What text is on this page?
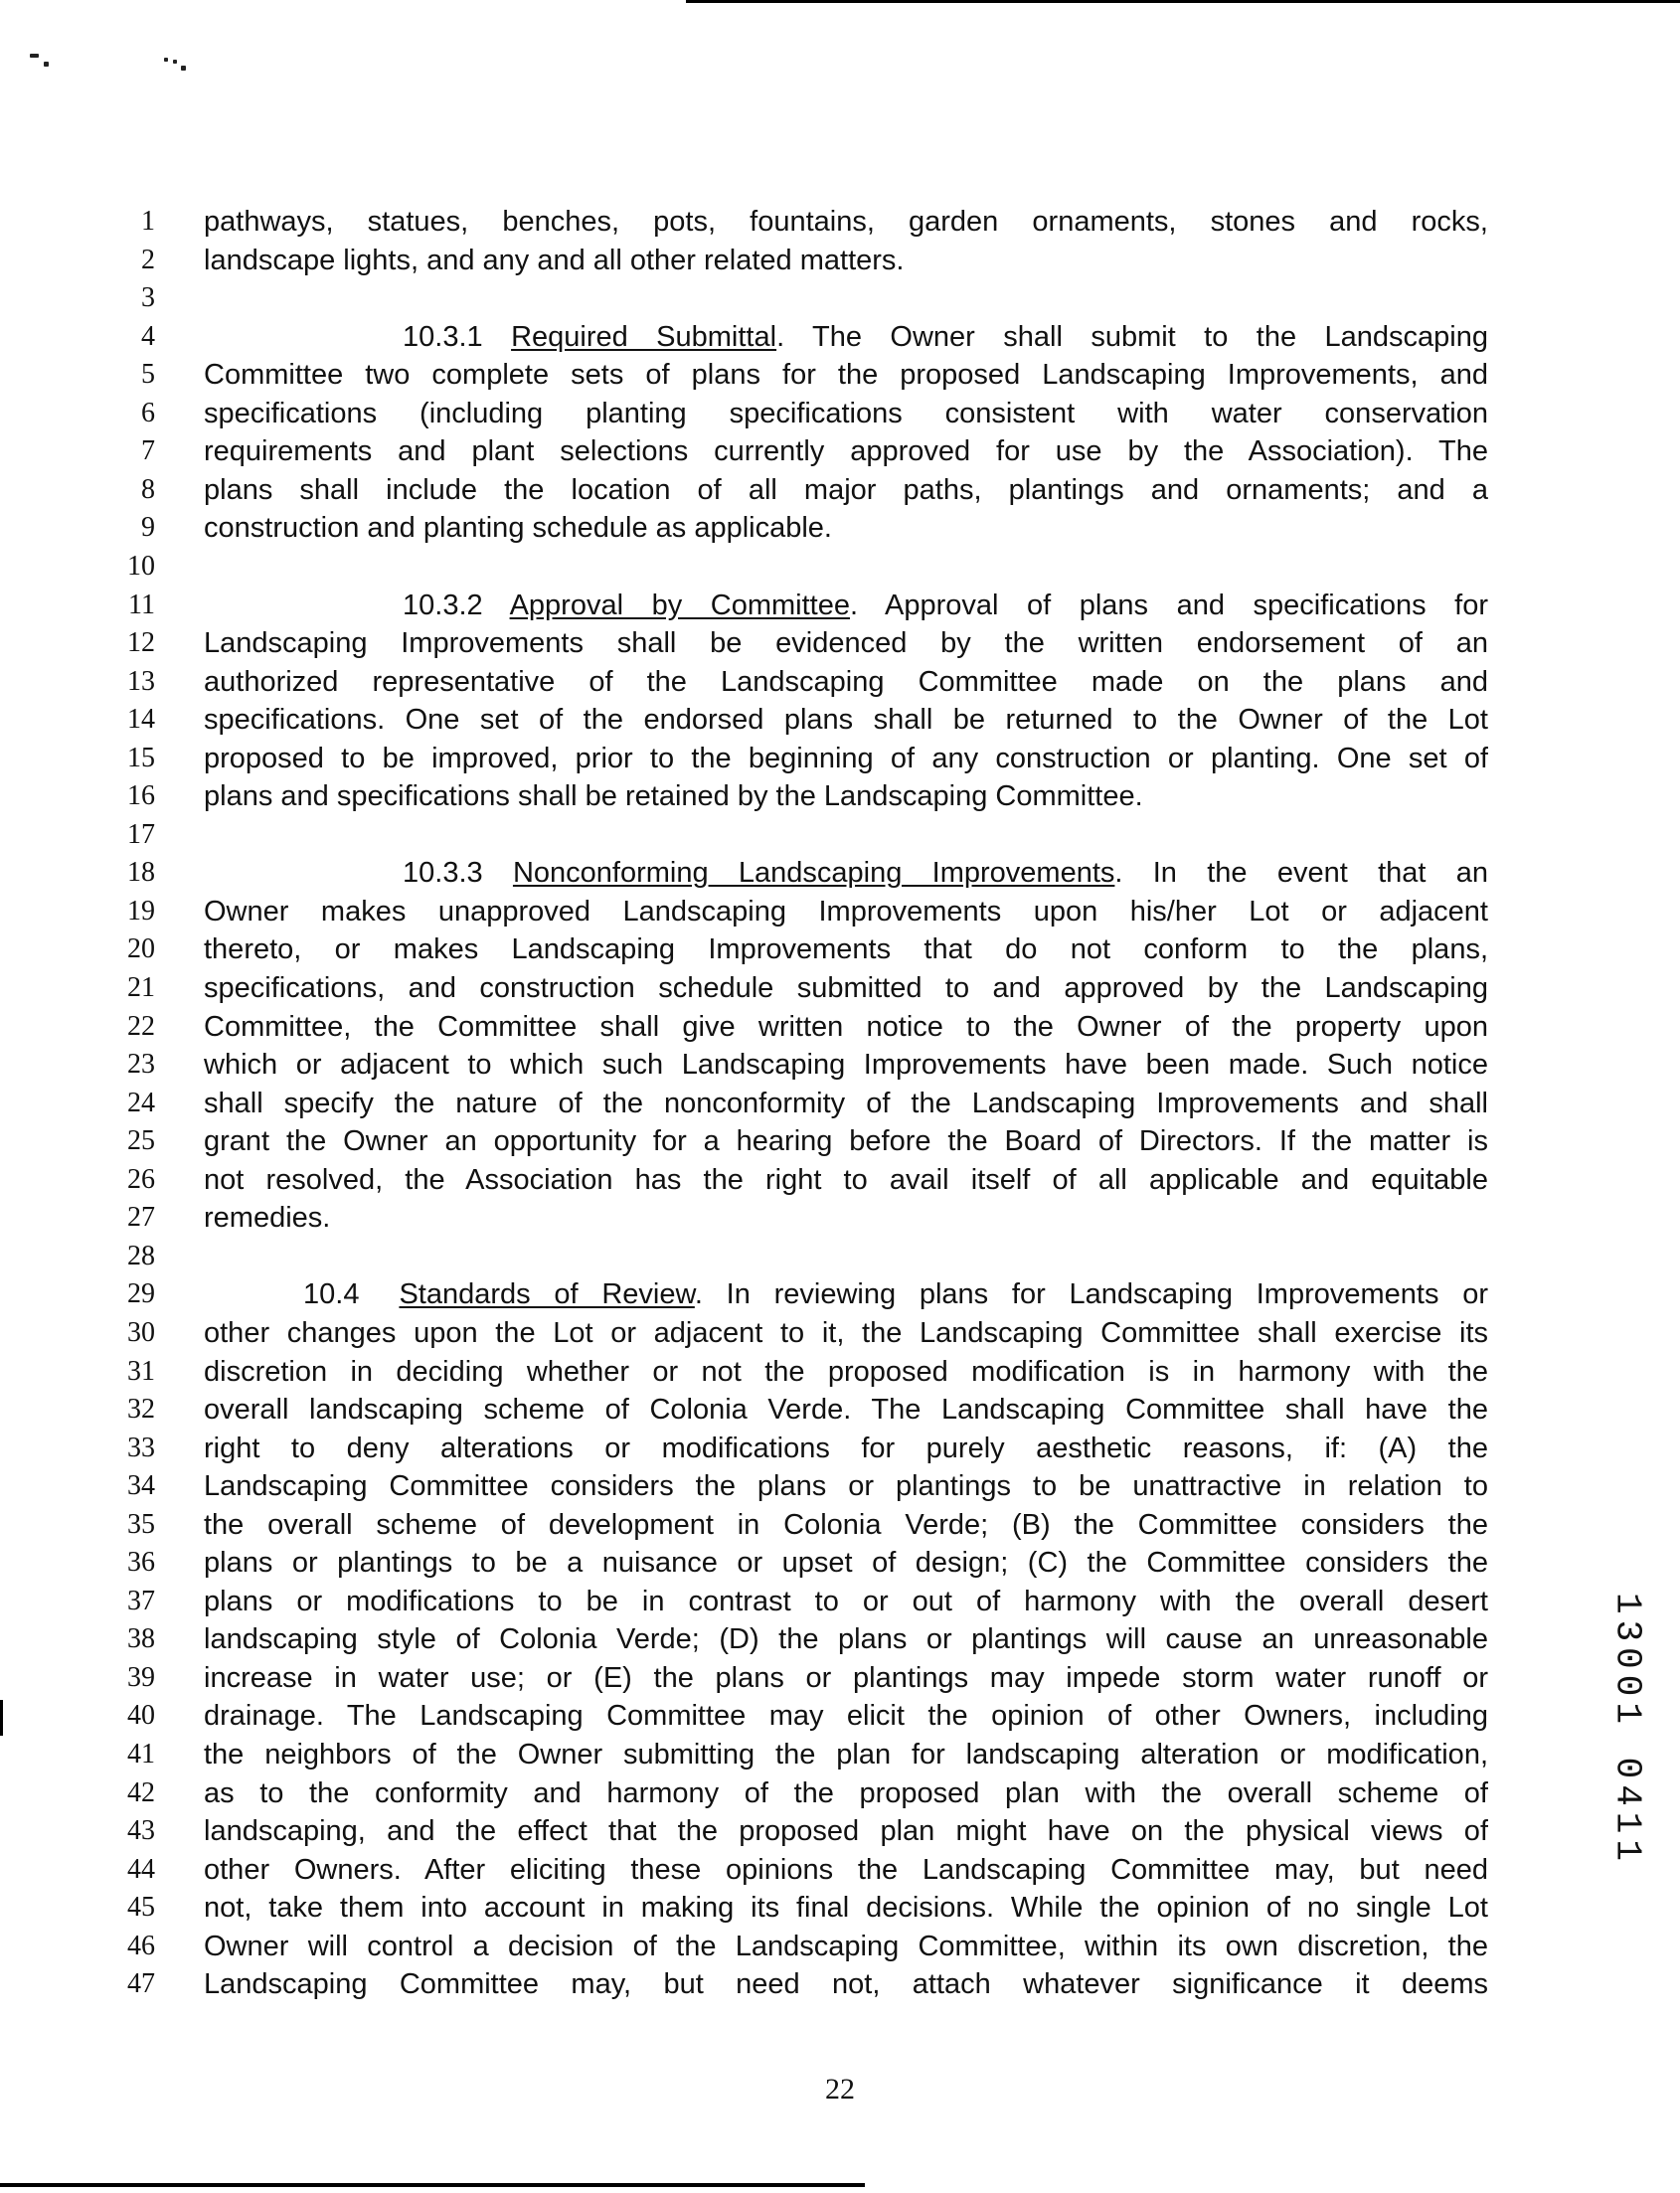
1 pathways, statues, benches, pots, fountains, garden ornaments, stones and rocks,
2 landscape lights, and any and all other related matters.
3
4	10.3.1 Required Submittal. The Owner shall submit to the Landscaping
5 Committee two complete sets of plans for the proposed Landscaping Improvements, and
6 specifications (including planting specifications consistent with water conservation
7 requirements and plant selections currently approved for use by the Association). The
8 plans shall include the location of all major paths, plantings and ornaments; and a
9 construction and planting schedule as applicable.
10
11	10.3.2 Approval by Committee. Approval of plans and specifications for
12 Landscaping Improvements shall be evidenced by the written endorsement of an
13 authorized representative of the Landscaping Committee made on the plans and
14 specifications. One set of the endorsed plans shall be returned to the Owner of the Lot
15 proposed to be improved, prior to the beginning of any construction or planting. One set of
16 plans and specifications shall be retained by the Landscaping Committee.
17
18	10.3.3 Nonconforming Landscaping Improvements. In the event that an
19 Owner makes unapproved Landscaping Improvements upon his/her Lot or adjacent
20 thereto, or makes Landscaping Improvements that do not conform to the plans,
21 specifications, and construction schedule submitted to and approved by the Landscaping
22 Committee, the Committee shall give written notice to the Owner of the property upon
23 which or adjacent to which such Landscaping Improvements have been made. Such notice
24 shall specify the nature of the nonconformity of the Landscaping Improvements and shall
25 grant the Owner an opportunity for a hearing before the Board of Directors. If the matter is
26 not resolved, the Association has the right to avail itself of all applicable and equitable
27 remedies.
28
29	10.4 Standards of Review. In reviewing plans for Landscaping Improvements or
30 other changes upon the Lot or adjacent to it, the Landscaping Committee shall exercise its
31 discretion in deciding whether or not the proposed modification is in harmony with the
32 overall landscaping scheme of Colonia Verde. The Landscaping Committee shall have the
33 right to deny alterations or modifications for purely aesthetic reasons, if: (A) the
34 Landscaping Committee considers the plans or plantings to be unattractive in relation to
35 the overall scheme of development in Colonia Verde; (B) the Committee considers the
36 plans or plantings to be a nuisance or upset of design; (C) the Committee considers the
37 plans or modifications to be in contrast to or out of harmony with the overall desert
38 landscaping style of Colonia Verde; (D) the plans or plantings will cause an unreasonable
39 increase in water use; or (E) the plans or plantings may impede storm water runoff or
40 drainage. The Landscaping Committee may elicit the opinion of other Owners, including
41 the neighbors of the Owner submitting the plan for landscaping alteration or modification,
42 as to the conformity and harmony of the proposed plan with the overall scheme of
43 landscaping, and the effect that the proposed plan might have on the physical views of
44 other Owners. After eliciting these opinions the Landscaping Committee may, but need
45 not, take them into account in making its final decisions. While the opinion of no single Lot
46 Owner will control a decision of the Landscaping Committee, within its own discretion, the
47 Landscaping Committee may, but need not, attach whatever significance it deems
22
13001 0411
